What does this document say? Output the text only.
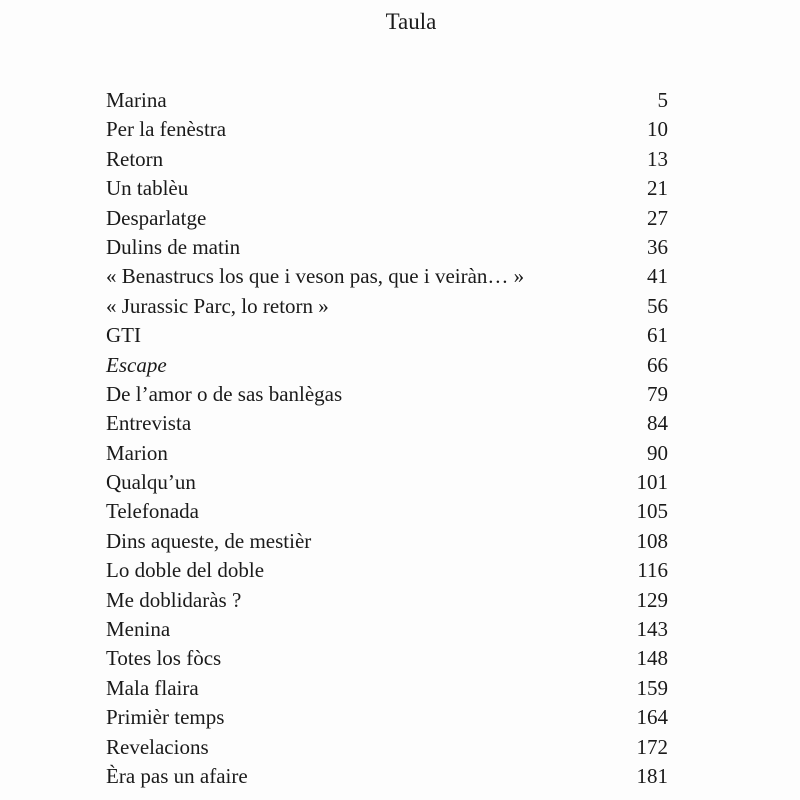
Taula
Marina	5
Per la fenèstra	10
Retorn	13
Un tablèu	21
Desparlatge	27
Dulins de matin	36
« Benastrucs los que i veson pas, que i veiràn… »	41
« Jurassic Parc, lo retorn »	56
GTI	61
Escape	66
De l’amor o de sas banlègas	79
Entrevista	84
Marion	90
Qualqu’un	101
Telefonada	105
Dins aqueste, de mestièr	108
Lo doble del doble	116
Me doblidaràs ?	129
Menina	143
Totes los fòcs	148
Mala flaira	159
Primièr temps	164
Revelacions	172
Èra pas un afaire	181
